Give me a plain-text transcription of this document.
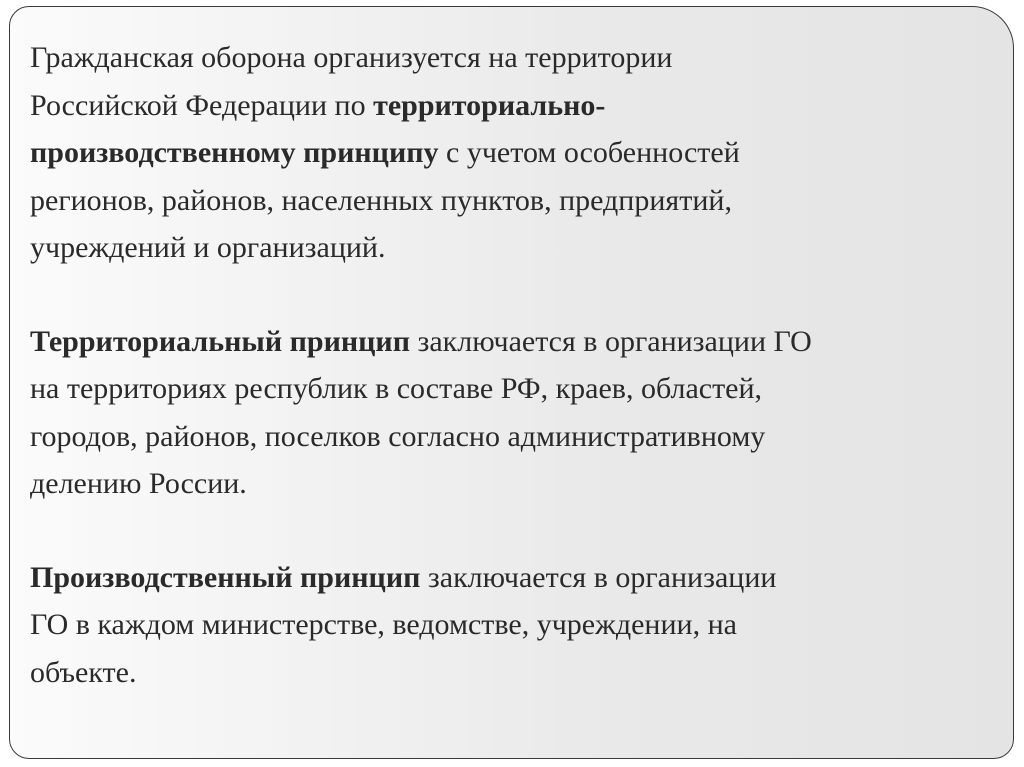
Гражданская оборона организуется на территории
Российской Федерации по территориально-
производственному принципу с учетом особенностей
регионов, районов, населенных пунктов, предприятий,
учреждений и организаций.

Территориальный принцип заключается в организации ГО
на территориях республик в составе РФ, краев, областей,
городов, районов, поселков согласно административному
делению России.

Производственный принцип заключается в организации
ГО в каждом министерстве, ведомстве, учреждении, на
объекте.
